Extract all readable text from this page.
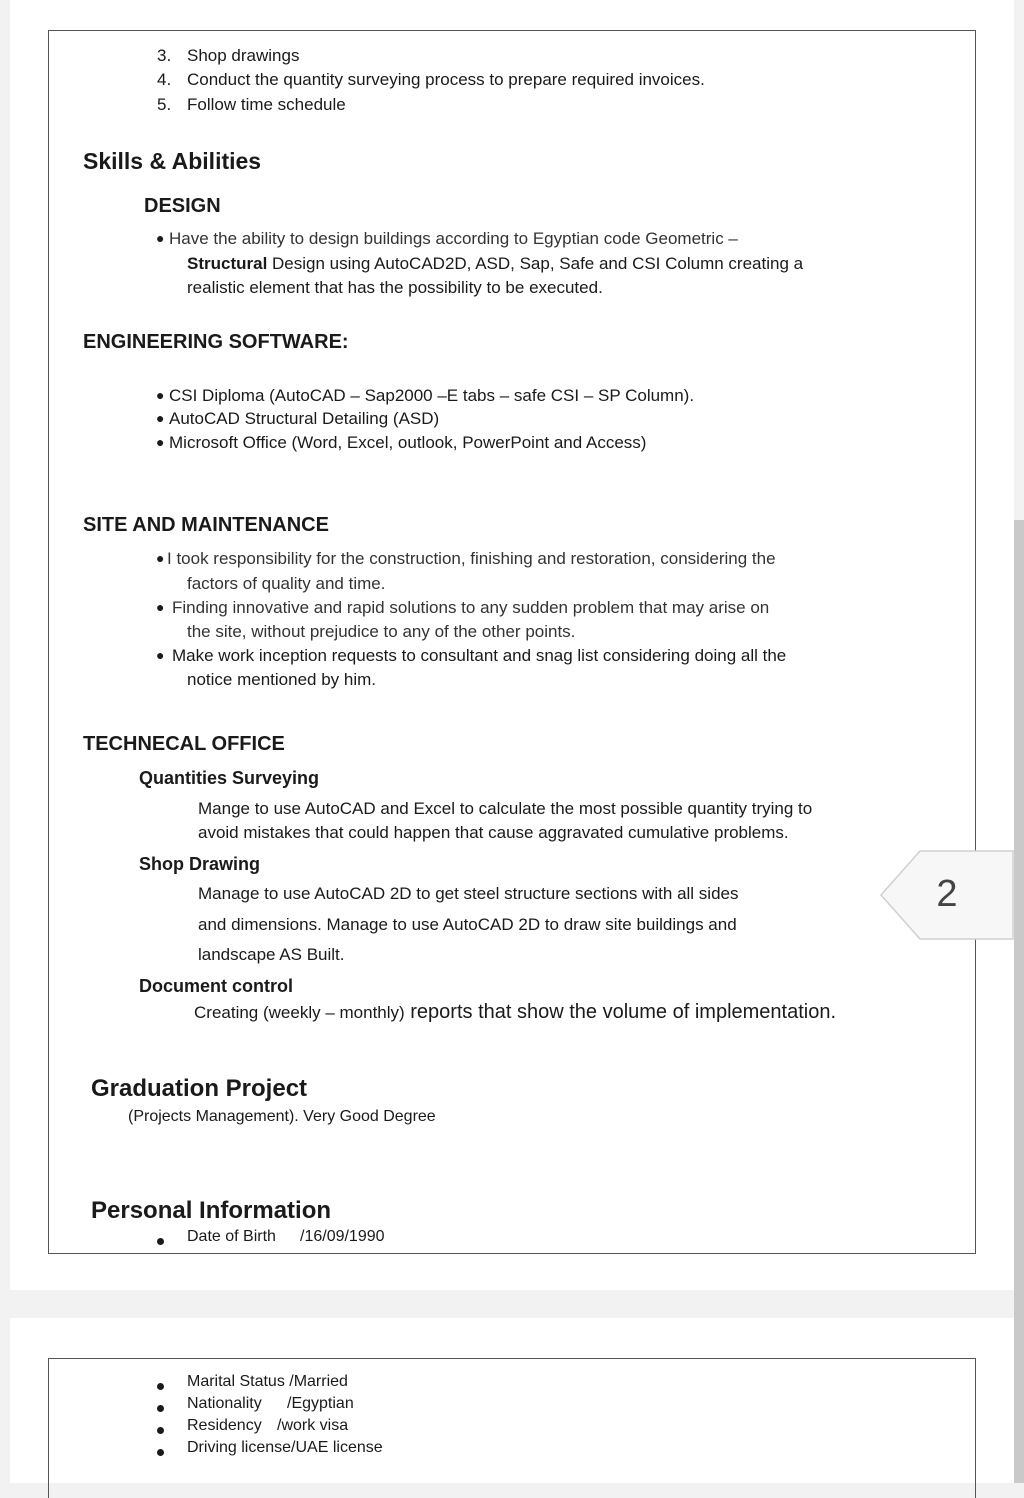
3. Shop drawings
4. Conduct the quantity surveying process to prepare required invoices.
5. Follow time schedule
Skills & Abilities
DESIGN
● Have the ability to design buildings according to Egyptian code Geometric –
Structural Design using AutoCAD2D, ASD, Sap, Safe and CSI Column creating a
realistic element that has the possibility to be executed.
ENGINEERING SOFTWARE:
● CSI Diploma (AutoCAD – Sap2000 –E tabs – safe CSI – SP Column).
● AutoCAD Structural Detailing (ASD)
● Microsoft Office (Word, Excel, outlook, PowerPoint and Access)
SITE AND MAINTENANCE
● I took responsibility for the construction, finishing and restoration, considering the
factors of quality and time.
● Finding innovative and rapid solutions to any sudden problem that may arise on
the site, without prejudice to any of the other points.
● Make work inception requests to consultant and snag list considering doing all the
notice mentioned by him.
TECHNECAL OFFICE
Quantities Surveying
Mange to use AutoCAD and Excel to calculate the most possible quantity trying to
avoid mistakes that could happen that cause aggravated cumulative problems.
Shop Drawing
Manage to use AutoCAD 2D to get steel structure sections with all sides
and dimensions. Manage to use AutoCAD 2D to draw site buildings and
landscape AS Built.
Document control
Creating (weekly – monthly) reports that show the volume of implementation.
Graduation Project
(Projects Management). Very Good Degree
Personal Information
Date of Birth /16/09/1990
2
Marital Status /Married
Nationality /Egyptian
Residency /work visa
Driving license/UAE license
